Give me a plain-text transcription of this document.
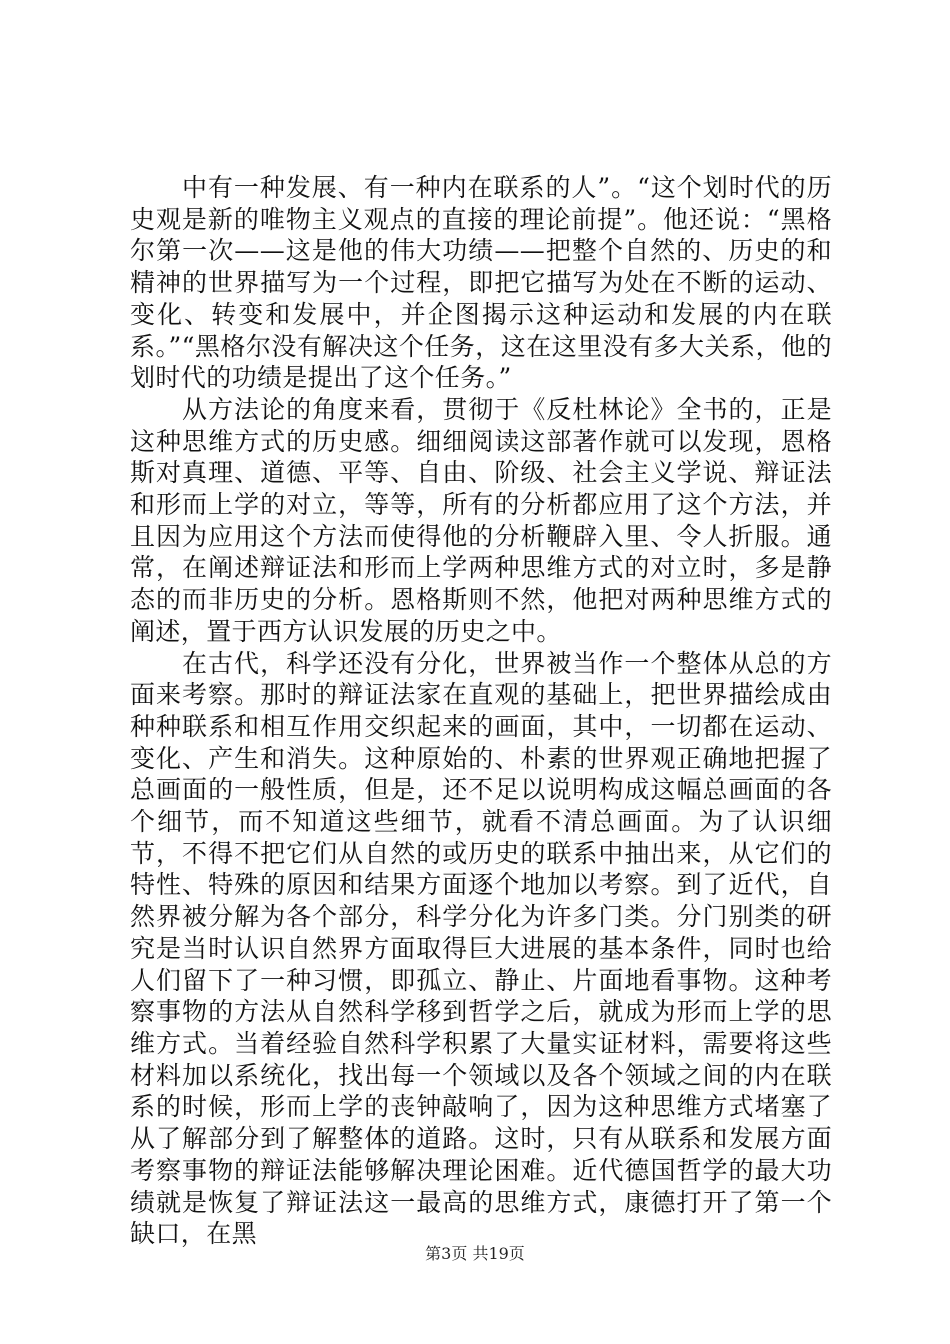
中有一种发展、有一种内在联系的人”。“这个划时代的历史观是新的唯物主义观点的直接的理论前提”。他还说：“黑格尔第一次——这是他的伟大功绩——把整个自然的、历史的和精神的世界描写为一个过程，即把它描写为处在不断的运动、变化、转变和发展中，并企图揭示这种运动和发展的内在联系。”“黑格尔没有解决这个任务，这在这里没有多大关系，他的划时代的功绩是提出了这个任务。”

从方法论的角度来看，贯彻于《反杜林论》全书的，正是这种思维方式的历史感。细细阅读这部著作就可以发现，恩格斯对真理、道德、平等、自由、阶级、社会主义学说、辩证法和形而上学的对立，等等，所有的分析都应用了这个方法，并且因为应用这个方法而使得他的分析鞭辟入里、令人折服。通常，在阐述辩证法和形而上学两种思维方式的对立时，多是静态的而非历史的分析。恩格斯则不然，他把对两种思维方式的阐述，置于西方认识发展的历史之中。

在古代，科学还没有分化，世界被当作一个整体从总的方面来考察。那时的辩证法家在直观的基础上，把世界描绘成由种种联系和相互作用交织起来的画面，其中，一切都在运动、变化、产生和消失。这种原始的、朴素的世界观正确地把握了总画面的一般性质，但是，还不足以说明构成这幅总画面的各个细节，而不知道这些细节，就看不清总画面。为了认识细节，不得不把它们从自然的或历史的联系中抽出来，从它们的特性、特殊的原因和结果方面逐个地加以考察。到了近代，自然界被分解为各个部分，科学分化为许多门类。分门别类的研究是当时认识自然界方面取得巨大进展的基本条件，同时也给人们留下了一种习惯，即孤立、静止、片面地看事物。这种考察事物的方法从自然科学移到哲学之后，就成为形而上学的思维方式。当着经验自然科学积累了大量实证材料，需要将这些材料加以系统化，找出每一个领域以及各个领域之间的内在联系的时候，形而上学的丧钟敲响了，因为这种思维方式堵塞了从了解部分到了解整体的道路。这时，只有从联系和发展方面考察事物的辩证法能够解决理论困难。近代德国哲学的最大功绩就是恢复了辩证法这一最高的思维方式，康德打开了第一个缺口，在黑

第3页 共19页
